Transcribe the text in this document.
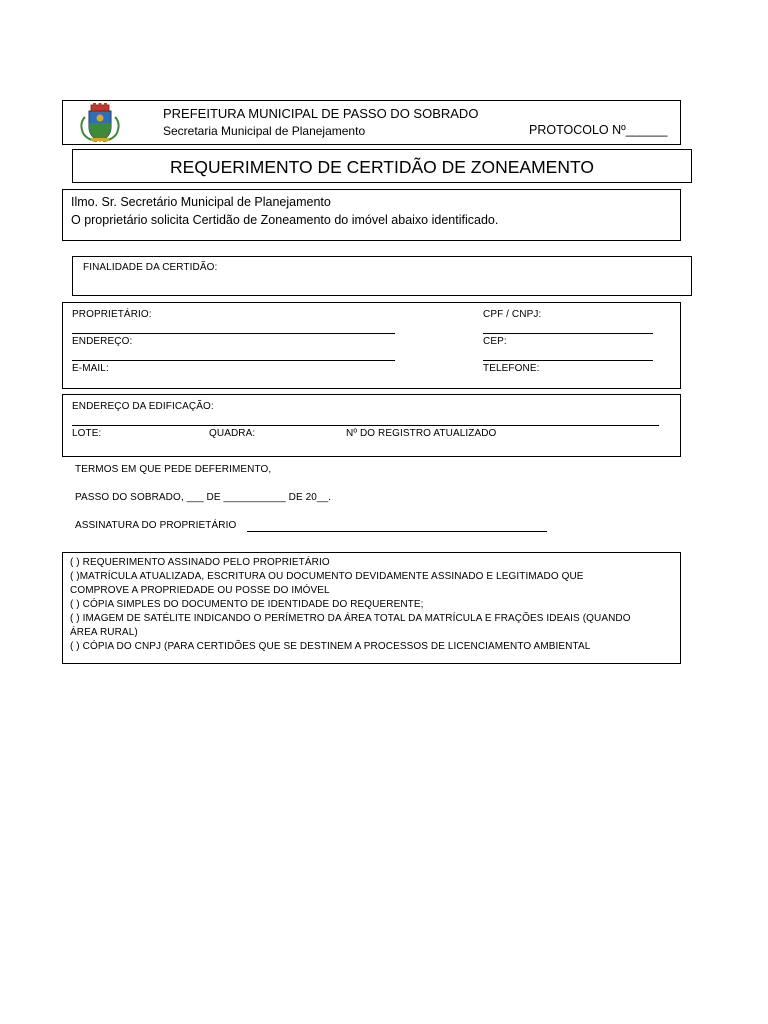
PREFEITURA MUNICIPAL DE PASSO DO SOBRADO
Secretaria Municipal de Planejamento	PROTOCOLO Nº______
REQUERIMENTO DE CERTIDÃO DE ZONEAMENTO
Ilmo. Sr. Secretário Municipal de Planejamento
O proprietário solicita Certidão de Zoneamento do imóvel abaixo identificado.
FINALIDADE DA CERTIDÃO:
PROPRIETÁRIO:	CPF / CNPJ:
ENDEREÇO:	CEP:
E-MAIL:	TELEFONE:
ENDEREÇO DA EDIFICAÇÃO:
LOTE:	QUADRA:	Nº DO REGISTRO ATUALIZADO
TERMOS EM QUE PEDE DEFERIMENTO,
PASSO DO SOBRADO, ___ DE ___________ DE 20__.
ASSINATURA DO PROPRIETÁRIO
( ) REQUERIMENTO ASSINADO PELO PROPRIETÁRIO
( )MATRÍCULA ATUALIZADA, ESCRITURA OU DOCUMENTO DEVIDAMENTE ASSINADO E LEGITIMADO QUE
COMPROVE A PROPRIEDADE OU POSSE DO IMÓVEL
( ) CÓPIA SIMPLES DO DOCUMENTO DE IDENTIDADE DO REQUERENTE;
( ) IMAGEM DE SATÉLITE INDICANDO O PERÍMETRO DA ÁREA TOTAL DA MATRÍCULA E FRAÇÕES IDEAIS (QUANDO
ÁREA RURAL)
( ) CÓPIA DO CNPJ (PARA CERTIDÕES QUE SE DESTINEM A PROCESSOS DE LICENCIAMENTO AMBIENTAL
